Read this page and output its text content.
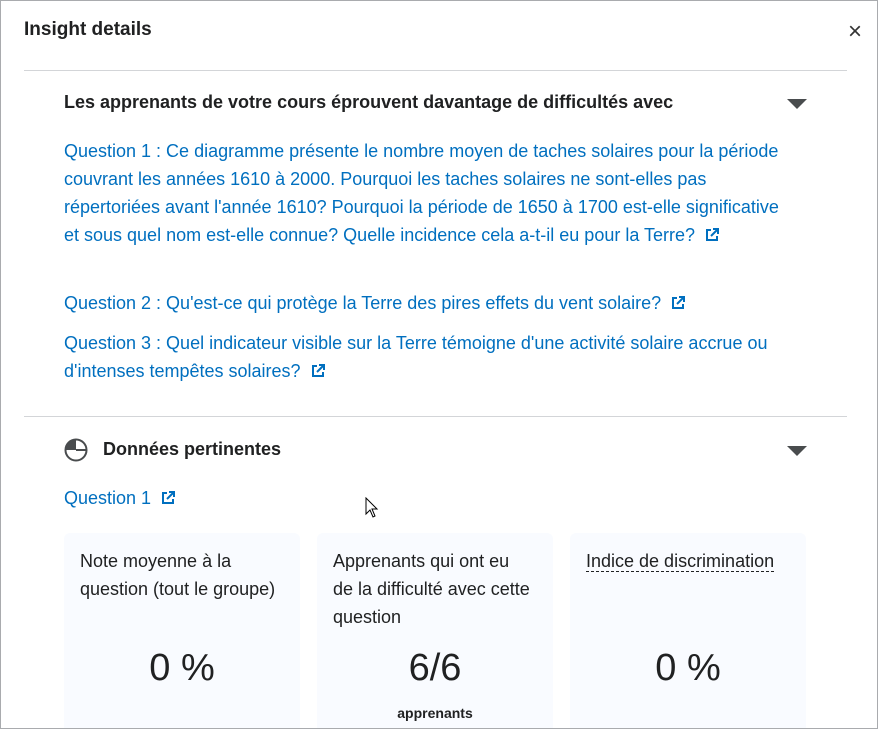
Insight details	×
Les apprenants de votre cours éprouvent davantage de difficultés avec
Question 1 : Ce diagramme présente le nombre moyen de taches solaires pour la période couvrant les années 1610 à 2000. Pourquoi les taches solaires ne sont-elles pas répertoriées avant l'année 1610? Pourquoi la période de 1650 à 1700 est-elle significative et sous quel nom est-elle connue? Quelle incidence cela a-t-il eu pour la Terre?
Question 2 : Qu'est-ce qui protège la Terre des pires effets du vent solaire?
Question 3 : Quel indicateur visible sur la Terre témoigne d'une activité solaire accrue ou d'intenses tempêtes solaires?
Données pertinentes
Question 1
Note moyenne à la question (tout le groupe)
0 %
Apprenants qui ont eu de la difficulté avec cette question
6/6
apprenants
Indice de discrimination
0 %
